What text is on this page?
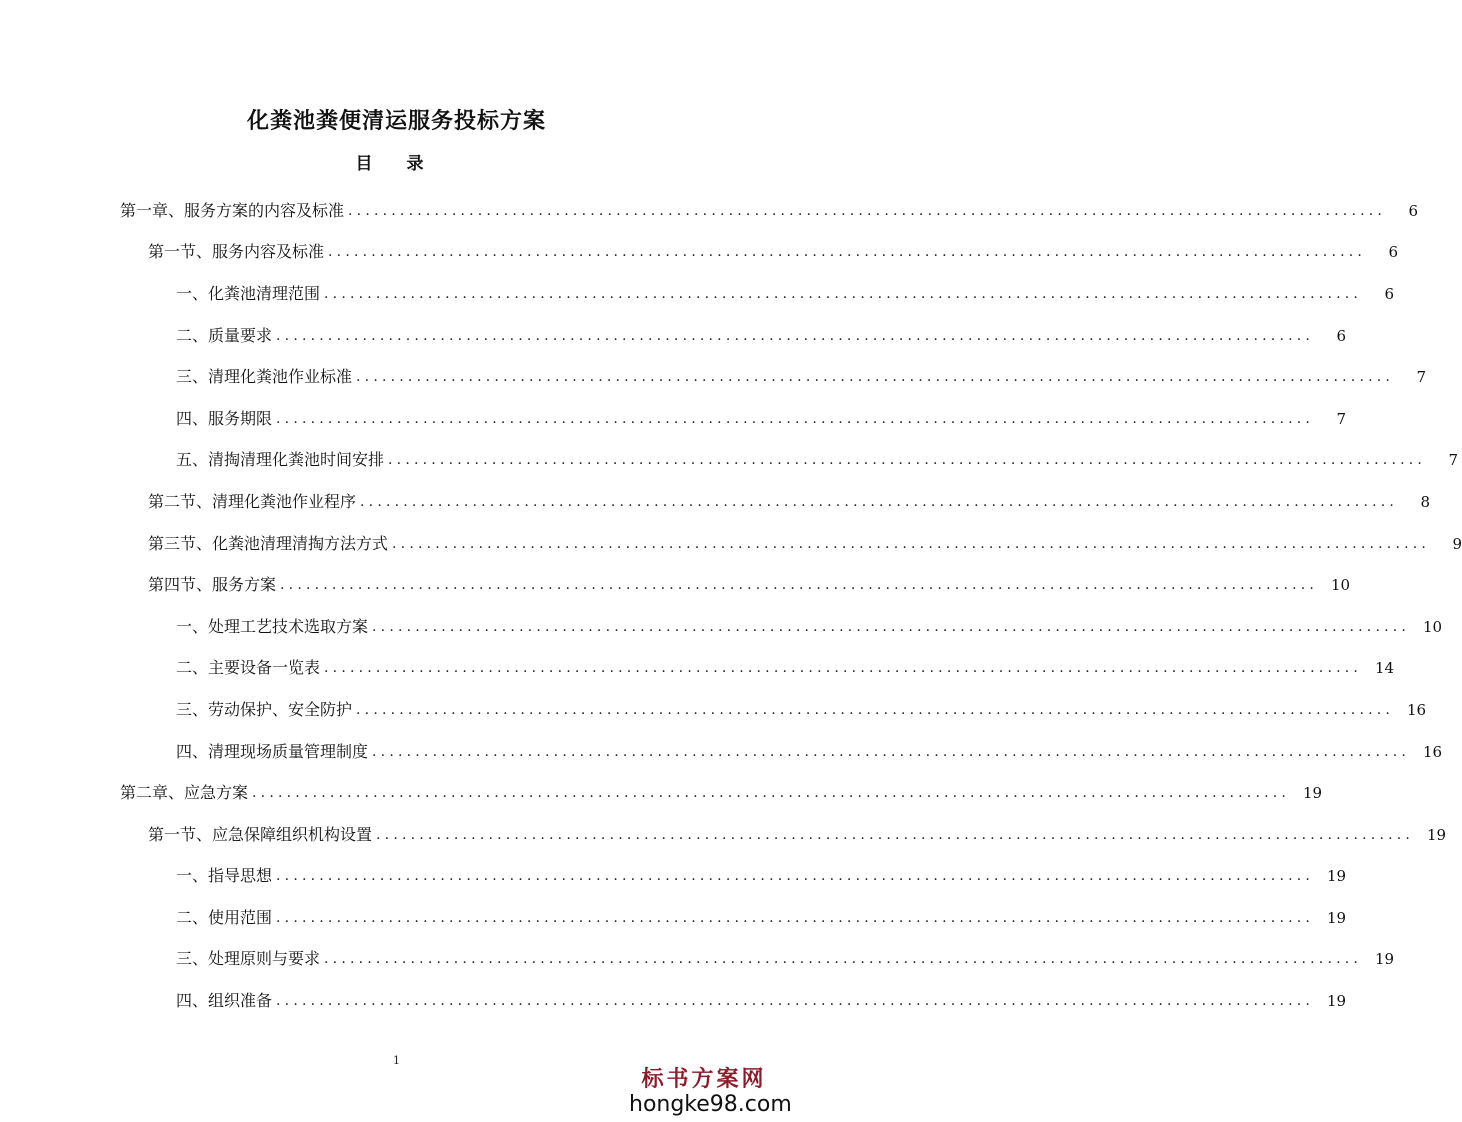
化粪池粪便清运服务投标方案
目 录
第一章、服务方案的内容及标准 ........................................................................................................................	6
第一节、服务内容及标准 ........................................................................................................................	6
一、化粪池清理范围 ........................................................................................................................	6
二、质量要求 ........................................................................................................................	6
三、清理化粪池作业标准 ........................................................................................................................	7
四、服务期限 ........................................................................................................................	7
五、清掏清理化粪池时间安排 ........................................................................................................................	7
第二节、清理化粪池作业程序 ........................................................................................................................	8
第三节、化粪池清理清掏方法方式 ........................................................................................................................	9
第四节、服务方案 ........................................................................................................................ 10
一、处理工艺技术选取方案 ........................................................................................................................ 10
二、主要设备一览表 ........................................................................................................................ 14
三、劳动保护、安全防护 ........................................................................................................................ 16
四、清理现场质量管理制度 ........................................................................................................................ 16
第二章、应急方案 ........................................................................................................................ 19
第一节、应急保障组织机构设置 ........................................................................................................................ 19
一、指导思想 ........................................................................................................................ 19
二、使用范围 ........................................................................................................................ 19
三、处理原则与要求 ........................................................................................................................ 19
四、组织准备 ........................................................................................................................ 19
1
标书方案网
hongke98.com
